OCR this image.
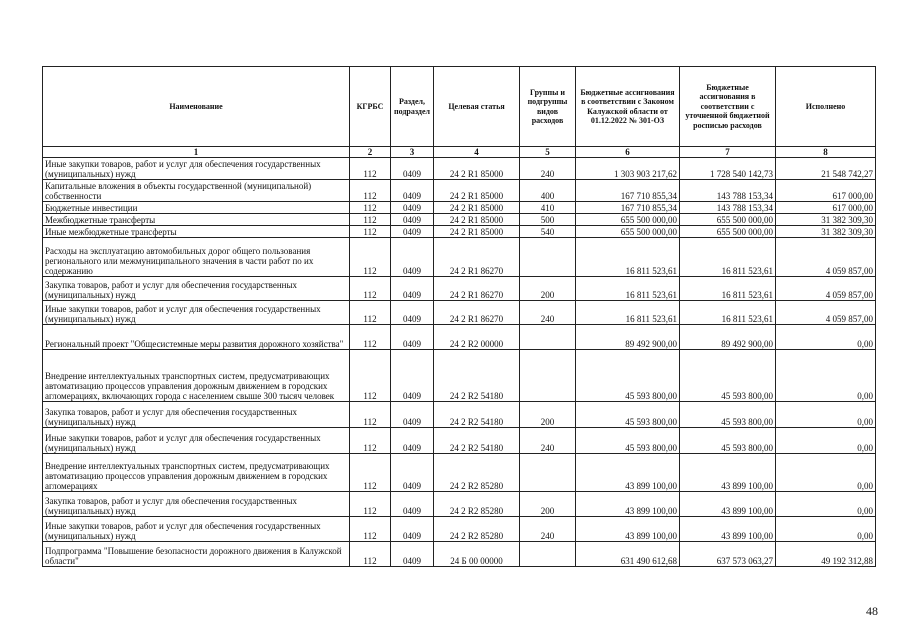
Наименование	КГРБС	Раздел, подраздел	Целевая статья	Группы и подгруппы видов расходов	Бюджетные ассигнования в соответствии с Законом Калужской области от 01.12.2022 № 301-ОЗ	Бюджетные ассигнования в соответствии с уточненной бюджетной росписью расходов	Исполнено
1	2	3	4	5	6	7	8
Иные закупки товаров, работ и услуг для обеспечения государственных (муниципальных) нужд	112	0409	24 2 R1 85000	240	1 303 903 217,62	1 728 540 142,73	21 548 742,27
Капитальные вложения в объекты государственной (муниципальной) собственности	112	0409	24 2 R1 85000	400	167 710 855,34	143 788 153,34	617 000,00
Бюджетные инвестиции	112	0409	24 2 R1 85000	410	167 710 855,34	143 788 153,34	617 000,00
Межбюджетные трансферты	112	0409	24 2 R1 85000	500	655 500 000,00	655 500 000,00	31 382 309,30
Иные межбюджетные трансферты	112	0409	24 2 R1 85000	540	655 500 000,00	655 500 000,00	31 382 309,30
Расходы на эксплуатацию автомобильных дорог общего пользования регионального или межмуниципального значения в части работ по их содержанию	112	0409	24 2 R1 86270		16 811 523,61	16 811 523,61	4 059 857,00
Закупка товаров, работ и услуг для обеспечения государственных (муниципальных) нужд	112	0409	24 2 R1 86270	200	16 811 523,61	16 811 523,61	4 059 857,00
Иные закупки товаров, работ и услуг для обеспечения государственных (муниципальных) нужд	112	0409	24 2 R1 86270	240	16 811 523,61	16 811 523,61	4 059 857,00
Региональный проект "Общесистемные меры развития дорожного хозяйства"	112	0409	24 2 R2 00000		89 492 900,00	89 492 900,00	0,00
Внедрение интеллектуальных транспортных систем, предусматривающих автоматизацию процессов управления дорожным движением в городских агломерациях, включающих города с населением свыше 300 тысяч человек	112	0409	24 2 R2 54180		45 593 800,00	45 593 800,00	0,00
Закупка товаров, работ и услуг для обеспечения государственных (муниципальных) нужд	112	0409	24 2 R2 54180	200	45 593 800,00	45 593 800,00	0,00
Иные закупки товаров, работ и услуг для обеспечения государственных (муниципальных) нужд	112	0409	24 2 R2 54180	240	45 593 800,00	45 593 800,00	0,00
Внедрение интеллектуальных транспортных систем, предусматривающих автоматизацию процессов управления дорожным движением в городских агломерациях	112	0409	24 2 R2 85280		43 899 100,00	43 899 100,00	0,00
Закупка товаров, работ и услуг для обеспечения государственных (муниципальных) нужд	112	0409	24 2 R2 85280	200	43 899 100,00	43 899 100,00	0,00
Иные закупки товаров, работ и услуг для обеспечения государственных (муниципальных) нужд	112	0409	24 2 R2 85280	240	43 899 100,00	43 899 100,00	0,00
Подпрограмма "Повышение безопасности дорожного движения в Калужской области"	112	0409	24 Б 00 00000		631 490 612,68	637 573 063,27	49 192 312,88
48
